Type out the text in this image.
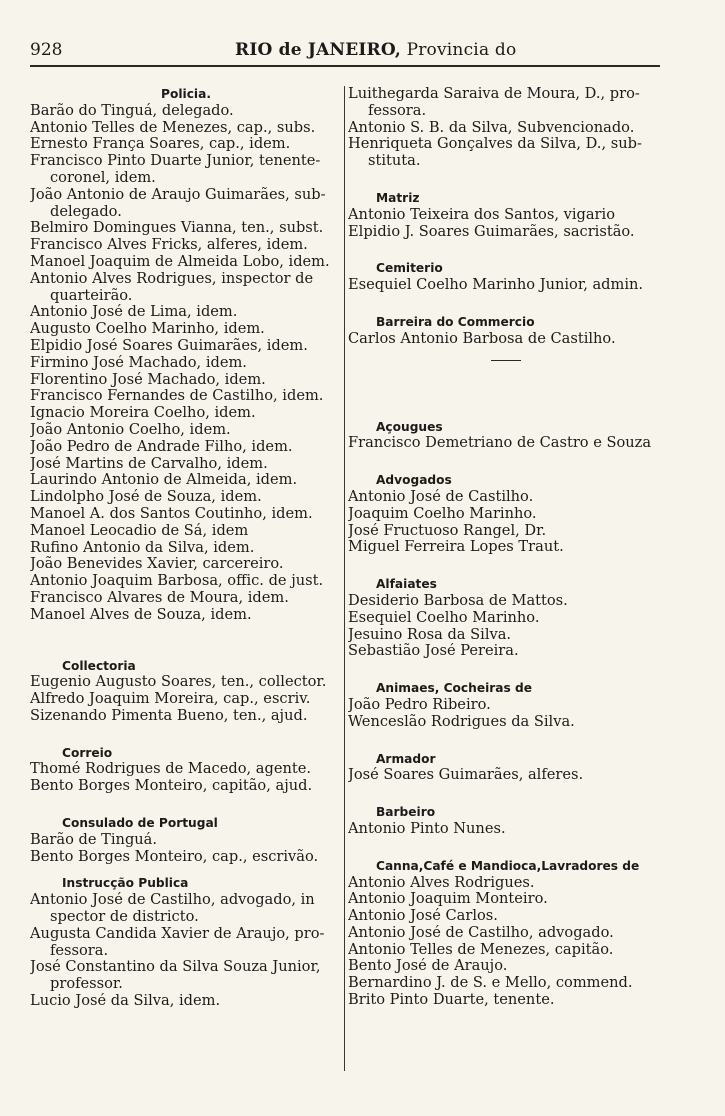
928	RIO de JANEIRO, Provincia do
Policia.
Barão do Tinguá, delegado.
Antonio Telles de Menezes, cap., subs.
Ernesto França Soares, cap., idem.
Francisco Pinto Duarte Junior, tenente-
coronel, idem.
João Antonio de Araujo Guimarães, sub-
delegado.
Belmiro Domingues Vianna, ten., subst.
Francisco Alves Fricks, alferes, idem.
Manoel Joaquim de Almeida Lobo, idem.
Antonio Alves Rodrigues, inspector de
quarteirão.
Antonio José de Lima, idem.
Augusto Coelho Marinho, idem.
Elpidio José Soares Guimarães, idem.
Firmino José Machado, idem.
Florentino José Machado, idem.
Francisco Fernandes de Castilho, idem.
Ignacio Moreira Coelho, idem.
João Antonio Coelho, idem.
João Pedro de Andrade Filho, idem.
José Martins de Carvalho, idem.
Laurindo Antonio de Almeida, idem.
Lindolpho José de Souza, idem.
Manoel A. dos Santos Coutinho, idem.
Manoel Leocadio de Sá, idem
Rufino Antonio da Silva, idem.
João Benevides Xavier, carcereiro.
Antonio Joaquim Barbosa, offic. de just.
Francisco Alvares de Moura, idem.
Manoel Alves de Souza, idem.
Collectoria
Eugenio Augusto Soares, ten., collector.
Alfredo Joaquim Moreira, cap., escriv.
Sizenando Pimenta Bueno, ten., ajud.
Correio
Thomé Rodrigues de Macedo, agente.
Bento Borges Monteiro, capitão, ajud.
Consulado de Portugal
Barão de Tinguá.
Bento Borges Monteiro, cap., escrivão.
Instrucção Publica
Antonio José de Castilho, advogado, in
spector de districto.
Augusta Candida Xavier de Araujo, pro-
fessora.
José Constantino da Silva Souza Junior,
professor.
Lucio José da Silva, idem.
Luithegarda Saraiva de Moura, D., pro-
fessora.
Antonio S. B. da Silva, Subvencionado.
Henriqueta Gonçalves da Silva, D., sub-
stituta.
Matriz
Antonio Teixeira dos Santos, vigario
Elpidio J. Soares Guimarães, sacristão.
Cemiterio
Esequiel Coelho Marinho Junior, admin.
Barreira do Commercio
Carlos Antonio Barbosa de Castilho.
Açougues
Francisco Demetriano de Castro e Souza
Advogados
Antonio José de Castilho.
Joaquim Coelho Marinho.
José Fructuoso Rangel, Dr.
Miguel Ferreira Lopes Traut.
Alfaiates
Desiderio Barbosa de Mattos.
Esequiel Coelho Marinho.
Jesuino Rosa da Silva.
Sebastião José Pereira.
Animaes, Cocheiras de
João Pedro Ribeiro.
Wenceslão Rodrigues da Silva.
Armador
José Soares Guimarães, alferes.
Barbeiro
Antonio Pinto Nunes.
Canna,Café e Mandioca,Lavradores de
Antonio Alves Rodrigues.
Antonio Joaquim Monteiro.
Antonio José Carlos.
Antonio José de Castilho, advogado.
Antonio Telles de Menezes, capitão.
Bento José de Araujo.
Bernardino J. de S. e Mello, commend.
Brito Pinto Duarte, tenente.
